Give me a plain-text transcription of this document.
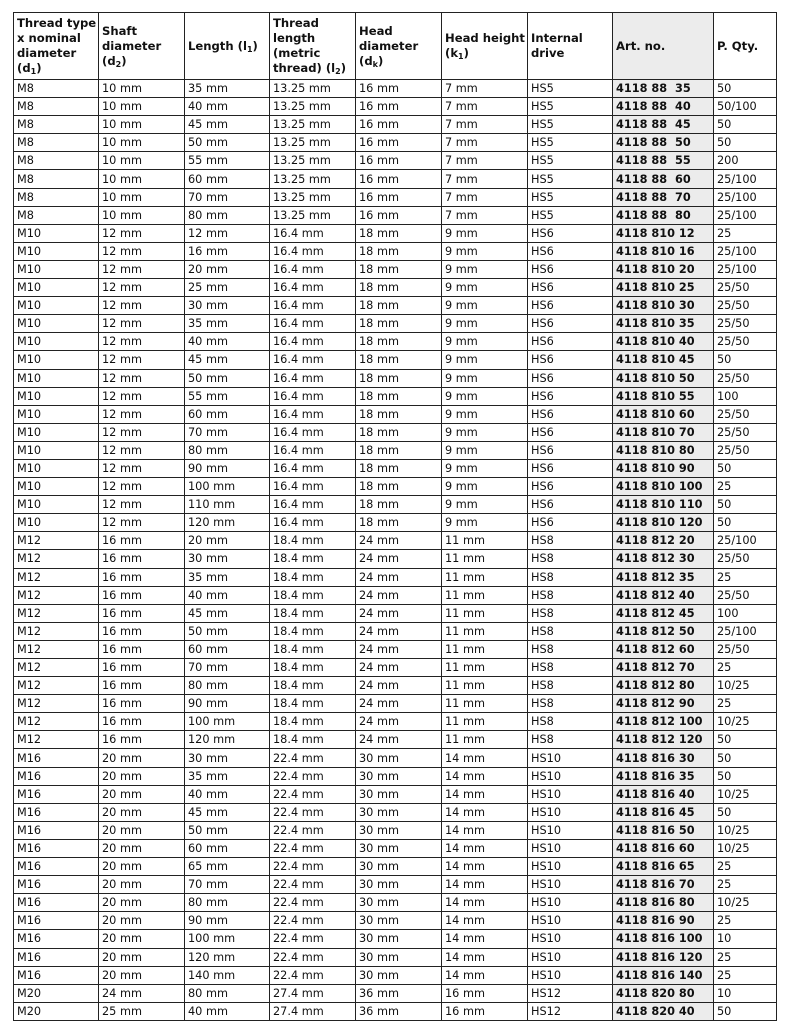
Thread type x nominal diameter $(d_1)$	Shaft diameter $(d_2)$	Length $(l_1)$	Thread length (metric thread) $(l_2)$	Head diameter $(d_k)$	Head height $(k_1)$	Internal drive	Art. no.	P. Qty.
M8	10 mm	35 mm	13.25 mm	16 mm	7 mm	HS5	4118 88  35	50
M8	10 mm	40 mm	13.25 mm	16 mm	7 mm	HS5	4118 88  40	50/100
M8	10 mm	45 mm	13.25 mm	16 mm	7 mm	HS5	4118 88  45	50
M8	10 mm	50 mm	13.25 mm	16 mm	7 mm	HS5	4118 88  50	50
M8	10 mm	55 mm	13.25 mm	16 mm	7 mm	HS5	4118 88  55	200
M8	10 mm	60 mm	13.25 mm	16 mm	7 mm	HS5	4118 88  60	25/100
M8	10 mm	70 mm	13.25 mm	16 mm	7 mm	HS5	4118 88  70	25/100
M8	10 mm	80 mm	13.25 mm	16 mm	7 mm	HS5	4118 88  80	25/100
M10	12 mm	12 mm	16.4 mm	18 mm	9 mm	HS6	4118 810 12	25
M10	12 mm	16 mm	16.4 mm	18 mm	9 mm	HS6	4118 810 16	25/100
M10	12 mm	20 mm	16.4 mm	18 mm	9 mm	HS6	4118 810 20	25/100
M10	12 mm	25 mm	16.4 mm	18 mm	9 mm	HS6	4118 810 25	25/50
M10	12 mm	30 mm	16.4 mm	18 mm	9 mm	HS6	4118 810 30	25/50
M10	12 mm	35 mm	16.4 mm	18 mm	9 mm	HS6	4118 810 35	25/50
M10	12 mm	40 mm	16.4 mm	18 mm	9 mm	HS6	4118 810 40	25/50
M10	12 mm	45 mm	16.4 mm	18 mm	9 mm	HS6	4118 810 45	50
M10	12 mm	50 mm	16.4 mm	18 mm	9 mm	HS6	4118 810 50	25/50
M10	12 mm	55 mm	16.4 mm	18 mm	9 mm	HS6	4118 810 55	100
M10	12 mm	60 mm	16.4 mm	18 mm	9 mm	HS6	4118 810 60	25/50
M10	12 mm	70 mm	16.4 mm	18 mm	9 mm	HS6	4118 810 70	25/50
M10	12 mm	80 mm	16.4 mm	18 mm	9 mm	HS6	4118 810 80	25/50
M10	12 mm	90 mm	16.4 mm	18 mm	9 mm	HS6	4118 810 90	50
M10	12 mm	100 mm	16.4 mm	18 mm	9 mm	HS6	4118 810 100	25
M10	12 mm	110 mm	16.4 mm	18 mm	9 mm	HS6	4118 810 110	50
M10	12 mm	120 mm	16.4 mm	18 mm	9 mm	HS6	4118 810 120	50
M12	16 mm	20 mm	18.4 mm	24 mm	11 mm	HS8	4118 812 20	25/100
M12	16 mm	30 mm	18.4 mm	24 mm	11 mm	HS8	4118 812 30	25/50
M12	16 mm	35 mm	18.4 mm	24 mm	11 mm	HS8	4118 812 35	25
M12	16 mm	40 mm	18.4 mm	24 mm	11 mm	HS8	4118 812 40	25/50
M12	16 mm	45 mm	18.4 mm	24 mm	11 mm	HS8	4118 812 45	100
M12	16 mm	50 mm	18.4 mm	24 mm	11 mm	HS8	4118 812 50	25/100
M12	16 mm	60 mm	18.4 mm	24 mm	11 mm	HS8	4118 812 60	25/50
M12	16 mm	70 mm	18.4 mm	24 mm	11 mm	HS8	4118 812 70	25
M12	16 mm	80 mm	18.4 mm	24 mm	11 mm	HS8	4118 812 80	10/25
M12	16 mm	90 mm	18.4 mm	24 mm	11 mm	HS8	4118 812 90	25
M12	16 mm	100 mm	18.4 mm	24 mm	11 mm	HS8	4118 812 100	10/25
M12	16 mm	120 mm	18.4 mm	24 mm	11 mm	HS8	4118 812 120	50
M16	20 mm	30 mm	22.4 mm	30 mm	14 mm	HS10	4118 816 30	50
M16	20 mm	35 mm	22.4 mm	30 mm	14 mm	HS10	4118 816 35	50
M16	20 mm	40 mm	22.4 mm	30 mm	14 mm	HS10	4118 816 40	10/25
M16	20 mm	45 mm	22.4 mm	30 mm	14 mm	HS10	4118 816 45	50
M16	20 mm	50 mm	22.4 mm	30 mm	14 mm	HS10	4118 816 50	10/25
M16	20 mm	60 mm	22.4 mm	30 mm	14 mm	HS10	4118 816 60	10/25
M16	20 mm	65 mm	22.4 mm	30 mm	14 mm	HS10	4118 816 65	25
M16	20 mm	70 mm	22.4 mm	30 mm	14 mm	HS10	4118 816 70	25
M16	20 mm	80 mm	22.4 mm	30 mm	14 mm	HS10	4118 816 80	10/25
M16	20 mm	90 mm	22.4 mm	30 mm	14 mm	HS10	4118 816 90	25
M16	20 mm	100 mm	22.4 mm	30 mm	14 mm	HS10	4118 816 100	10
M16	20 mm	120 mm	22.4 mm	30 mm	14 mm	HS10	4118 816 120	25
M16	20 mm	140 mm	22.4 mm	30 mm	14 mm	HS10	4118 816 140	25
M20	24 mm	80 mm	27.4 mm	36 mm	16 mm	HS12	4118 820 80	10
M20	25 mm	40 mm	27.4 mm	36 mm	16 mm	HS12	4118 820 40	50
